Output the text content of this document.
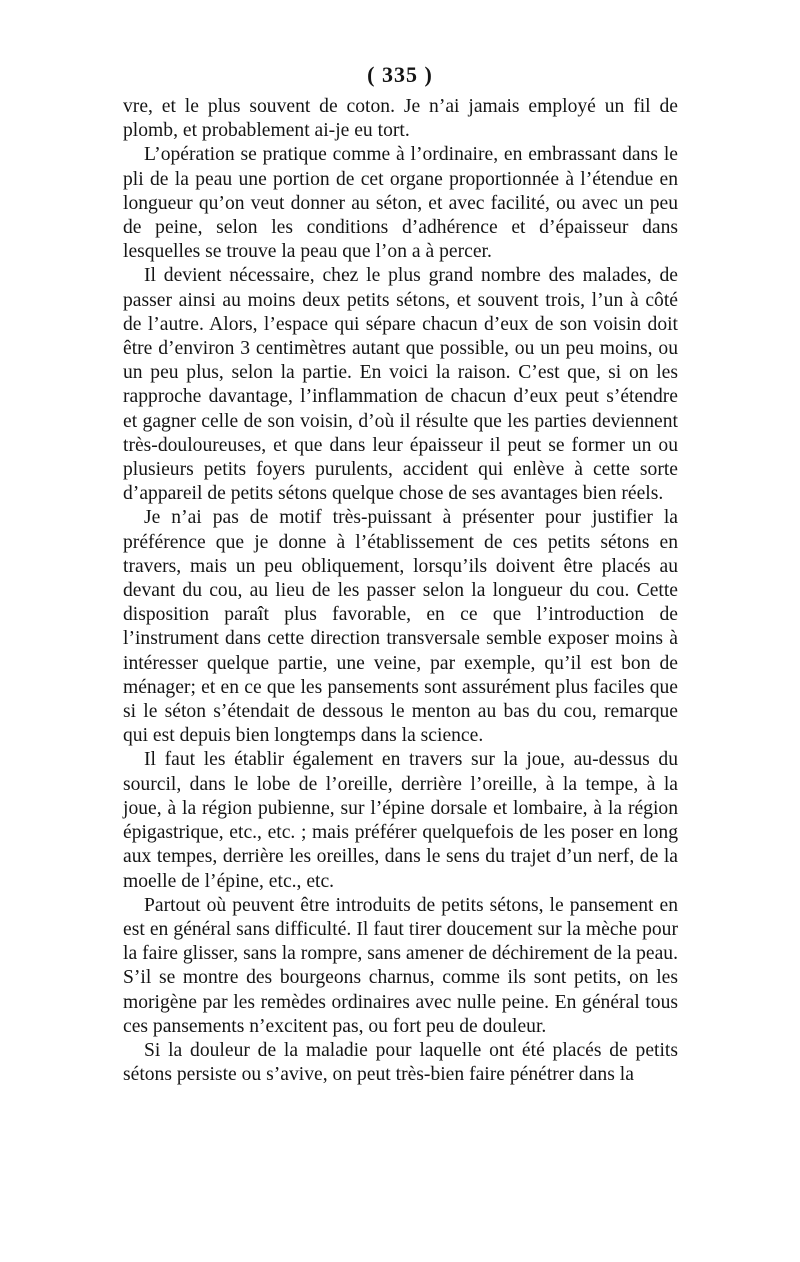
( 335 )

vre, et le plus souvent de coton. Je n’ai jamais employé un fil de plomb, et probablement ai-je eu tort.

L’opération se pratique comme à l’ordinaire, en embrassant dans le pli de la peau une portion de cet organe proportionnée à l’étendue en longueur qu’on veut donner au séton, et avec facilité, ou avec un peu de peine, selon les conditions d’adhérence et d’épaisseur dans lesquelles se trouve la peau que l’on a à percer.

Il devient nécessaire, chez le plus grand nombre des malades, de passer ainsi au moins deux petits sétons, et souvent trois, l’un à côté de l’autre. Alors, l’espace qui sépare chacun d’eux de son voisin doit être d’environ 3 centimètres autant que possible, ou un peu moins, ou un peu plus, selon la partie. En voici la raison. C’est que, si on les rapproche davantage, l’inflammation de chacun d’eux peut s’étendre et gagner celle de son voisin, d’où il résulte que les parties deviennent très-douloureuses, et que dans leur épaisseur il peut se former un ou plusieurs petits foyers purulents, accident qui enlève à cette sorte d’appareil de petits sétons quelque chose de ses avantages bien réels.

Je n’ai pas de motif très-puissant à présenter pour justifier la préférence que je donne à l’établissement de ces petits sétons en travers, mais un peu obliquement, lorsqu’ils doivent être placés au devant du cou, au lieu de les passer selon la longueur du cou. Cette disposition paraît plus favorable, en ce que l’introduction de l’instrument dans cette direction transversale semble exposer moins à intéresser quelque partie, une veine, par exemple, qu’il est bon de ménager; et en ce que les pansements sont assurément plus faciles que si le séton s’étendait de dessous le menton au bas du cou, remarque qui est depuis bien longtemps dans la science.

Il faut les établir également en travers sur la joue, au-dessus du sourcil, dans le lobe de l’oreille, derrière l’oreille, à la tempe, à la joue, à la région pubienne, sur l’épine dorsale et lombaire, à la région épigastrique, etc., etc. ; mais préférer quelquefois de les poser en long aux tempes, derrière les oreilles, dans le sens du trajet d’un nerf, de la moelle de l’épine, etc., etc.

Partout où peuvent être introduits de petits sétons, le pansement en est en général sans difficulté. Il faut tirer doucement sur la mèche pour la faire glisser, sans la rompre, sans amener de déchirement de la peau. S’il se montre des bourgeons charnus, comme ils sont petits, on les morigène par les remèdes ordinaires avec nulle peine. En général tous ces pansements n’excitent pas, ou fort peu de douleur.

Si la douleur de la maladie pour laquelle ont été placés de petits sétons persiste ou s’avive, on peut très-bien faire pénétrer dans la
